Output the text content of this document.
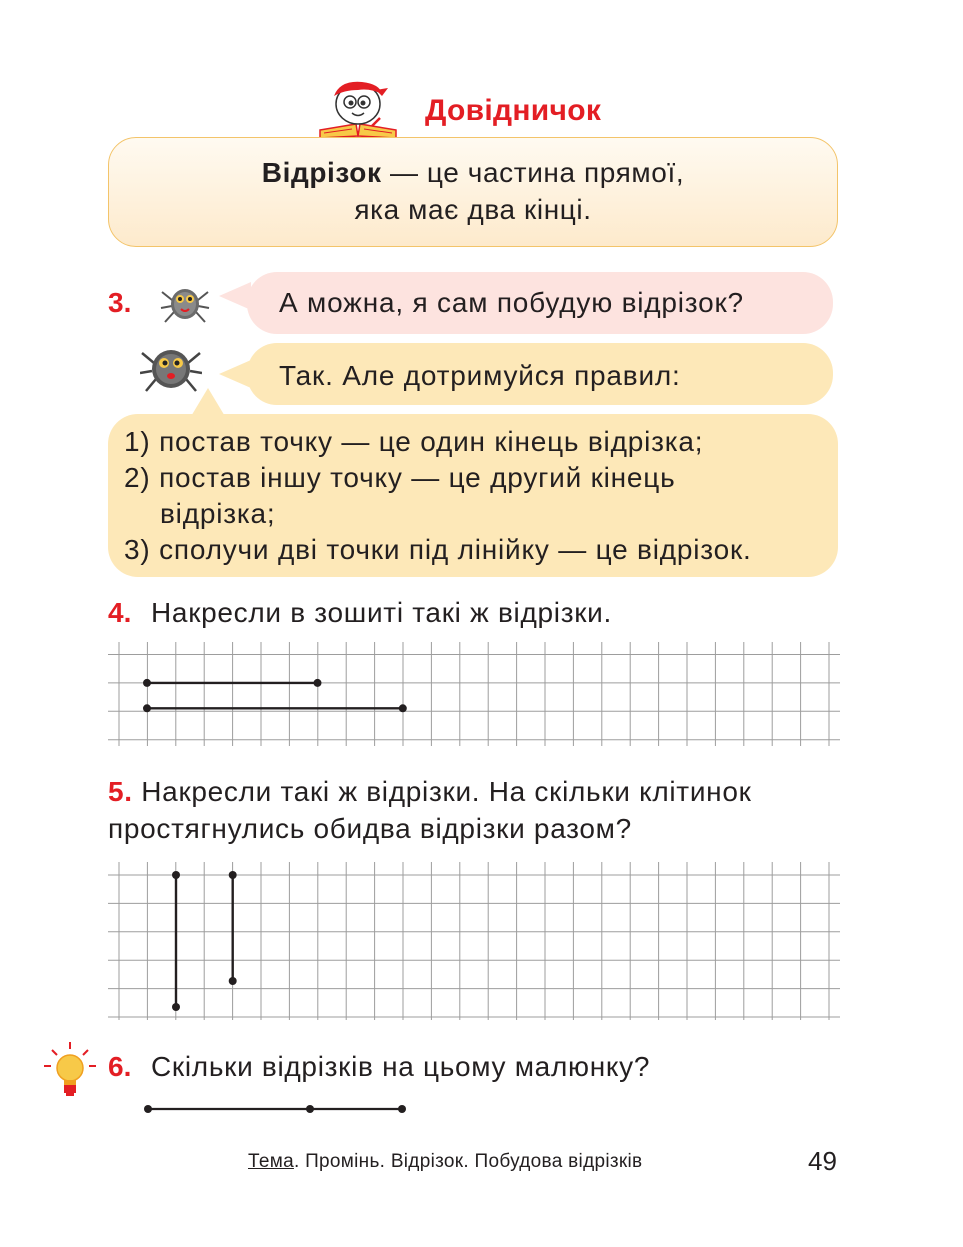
Довідничок
Відрізок — це частина прямої,
яка має два кінці.
3.	А можна, я сам побудую відрізок?
Так. Але дотримуйся правил:
1) постав точку — це один кінець відрізка;
2) постав іншу точку — це другий кінець
відрізка;
3) сполучи дві точки під лінійку — це відрізок.
4. Накресли в зошиті такі ж відрізки.
5. Накресли такі ж відрізки. На скільки клітинок
простягнулись обидва відрізки разом?
6. Скільки відрізків на цьому малюнку?
Тема. Промінь. Відрізок. Побудова відрізків	49
